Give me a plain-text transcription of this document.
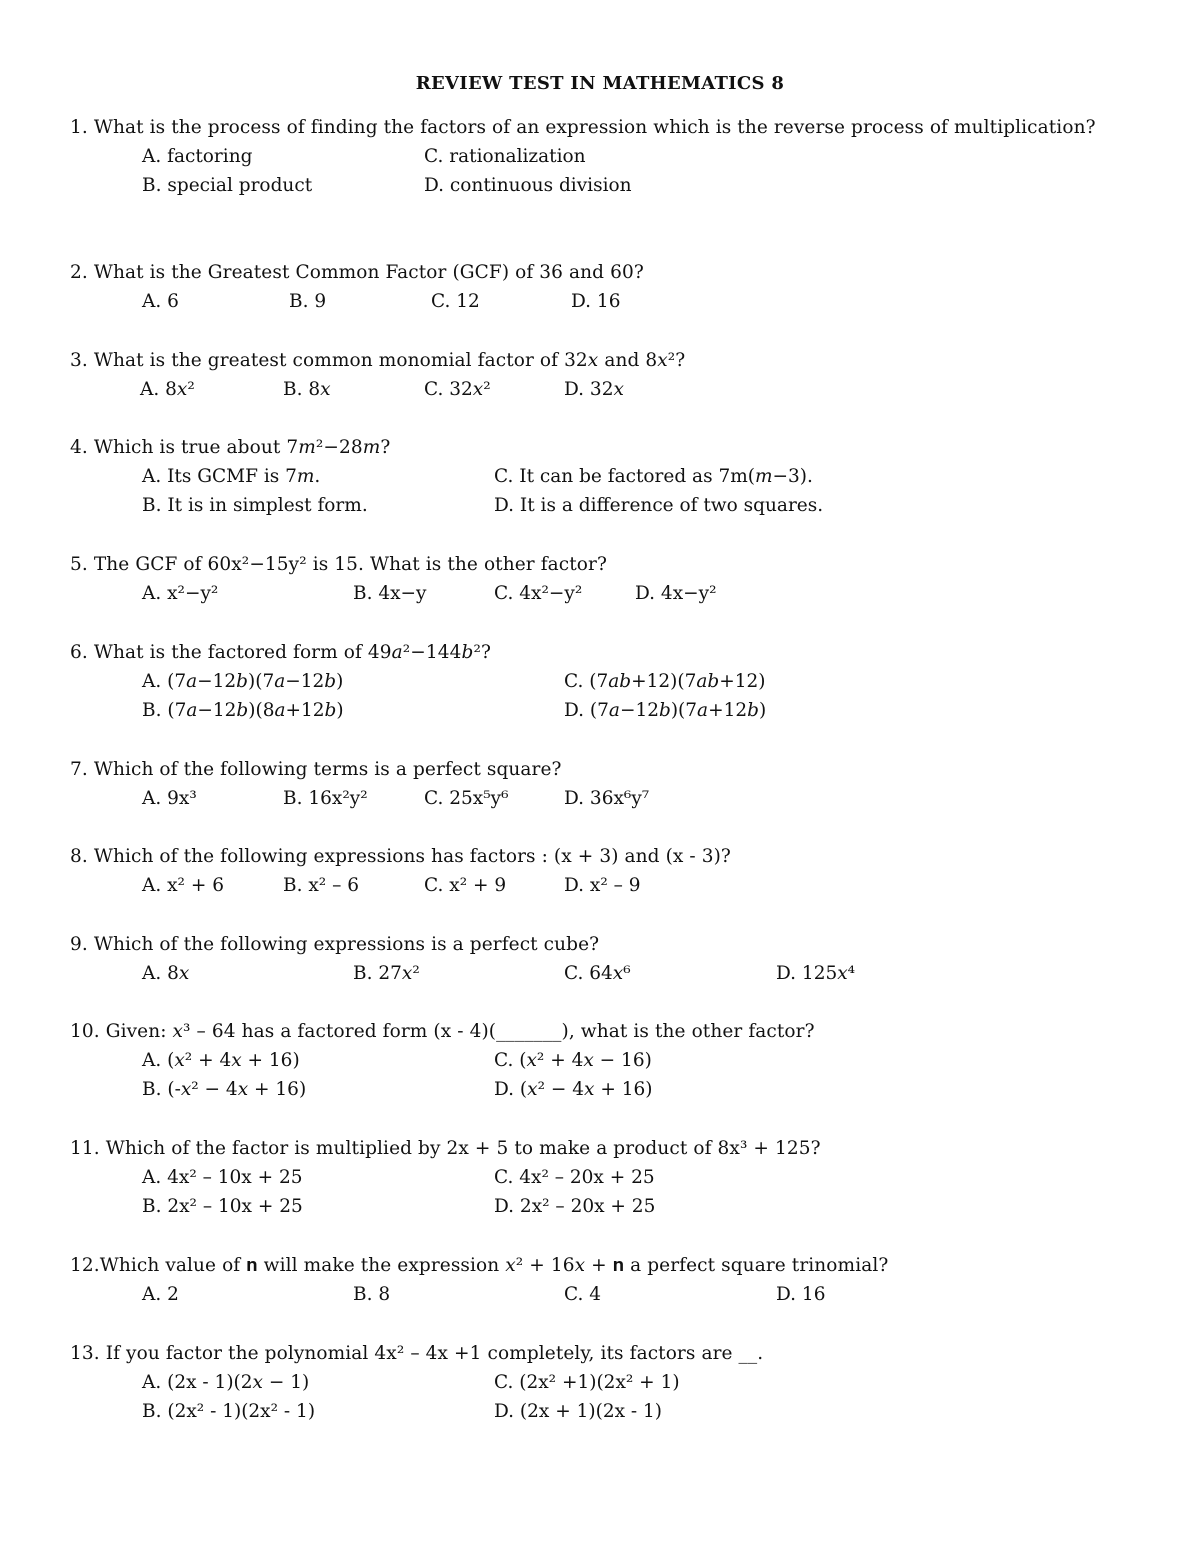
REVIEW TEST IN MATHEMATICS 8
1. What is the process of finding the factors of an expression which is the reverse process of multiplication?
A. factoring	C. rationalization
B. special product	D. continuous division
2. What is the Greatest Common Factor (GCF) of 36 and 60?
A. 6	B. 9	C. 12	D. 16
3. What is the greatest common monomial factor of 32𝑥 and 8𝑥²?
A. 8𝑥²	B. 8𝑥	C. 32𝑥²	D. 32𝑥
4. Which is true about 7𝑚²−28𝑚?
A. Its GCMF is 7𝑚.	C. It can be factored as 7m(𝑚−3).
B. It is in simplest form.	D. It is a difference of two squares.
5. The GCF of 60x²−15y² is 15. What is the other factor?
A. x²−y²	B. 4x−y	C. 4x²−y²	D. 4x−y²
6. What is the factored form of 49𝑎²−144𝑏²?
A. (7𝑎−12𝑏)(7𝑎−12𝑏)	C. (7𝑎𝑏+12)(7𝑎𝑏+12)
B. (7𝑎−12𝑏)(8𝑎+12𝑏)	D. (7𝑎−12𝑏)(7𝑎+12𝑏)
7. Which of the following terms is a perfect square?
A. 9x³	B. 16x²y²	C. 25x⁵y⁶	D. 36x⁶y⁷
8. Which of the following expressions has factors : (x + 3) and (x - 3)?
A. x² + 6	B. x² – 6	C. x² + 9	D. x² – 9
9. Which of the following expressions is a perfect cube?
A. 8𝑥	B. 27𝑥²	C. 64𝑥⁶	D. 125𝑥⁴
10. Given: 𝑥³ – 64 has a factored form (x - 4)(_______), what is the other factor?
A. (𝑥² + 4𝑥 + 16)	C. (𝑥² + 4𝑥 − 16)
B. (-𝑥² − 4𝑥 + 16)	D. (𝑥² − 4𝑥 + 16)
11. Which of the factor is multiplied by 2x + 5 to make a product of 8x³ + 125?
A. 4x² – 10x + 25	C. 4x² – 20x + 25
B. 2x² – 10x + 25	D. 2x² – 20x + 25
12.Which value of 𝐧 will make the expression 𝑥² + 16𝑥 + 𝐧 a perfect square trinomial?
A. 2	B. 8	C. 4	D. 16
13. If you factor the polynomial 4x² – 4x +1 completely, its factors are __.
A. (2x - 1)(2𝑥 − 1)	C. (2x² +1)(2x² + 1)
B. (2x² - 1)(2x² - 1)	D. (2x + 1)(2x - 1)
